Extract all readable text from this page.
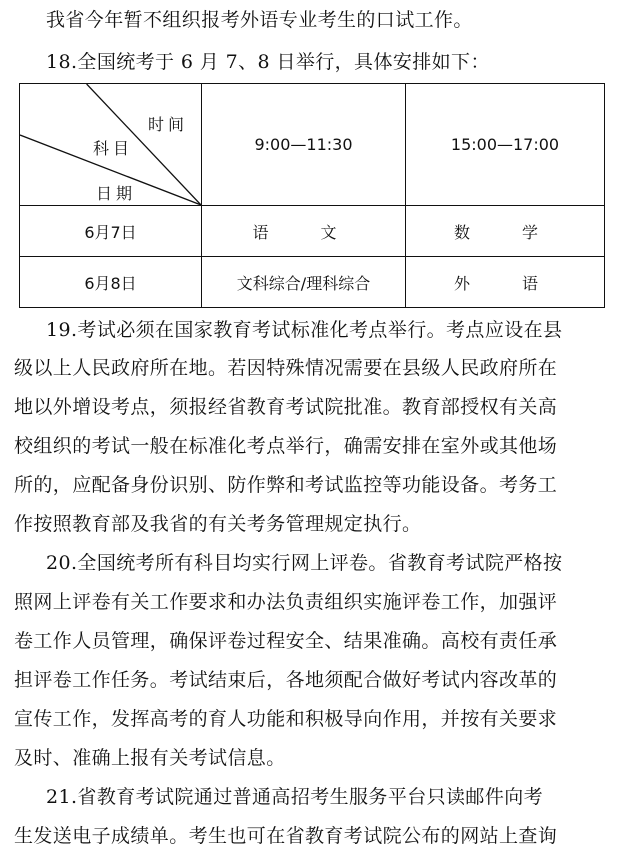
我省今年暂不组织报考外语专业考生的口试工作。
18.全国统考于 6 月 7、8 日举行，具体安排如下：
时间
科目
日期	9:00—11:30	15:00—17:00
6月7日	语　文	数　学
6月8日	文科综合/理科综合	外　语
19.考试必须在国家教育考试标准化考点举行。考点应设在县
级以上人民政府所在地。若因特殊情况需要在县级人民政府所在
地以外增设考点，须报经省教育考试院批准。教育部授权有关高
校组织的考试一般在标准化考点举行，确需安排在室外或其他场
所的，应配备身份识别、防作弊和考试监控等功能设备。考务工
作按照教育部及我省的有关考务管理规定执行。
20.全国统考所有科目均实行网上评卷。省教育考试院严格按
照网上评卷有关工作要求和办法负责组织实施评卷工作，加强评
卷工作人员管理，确保评卷过程安全、结果准确。高校有责任承
担评卷工作任务。考试结束后，各地须配合做好考试内容改革的
宣传工作，发挥高考的育人功能和积极导向作用，并按有关要求
及时、准确上报有关考试信息。
21.省教育考试院通过普通高招考生服务平台只读邮件向考
生发送电子成绩单。考生也可在省教育考试院公布的网站上查询
